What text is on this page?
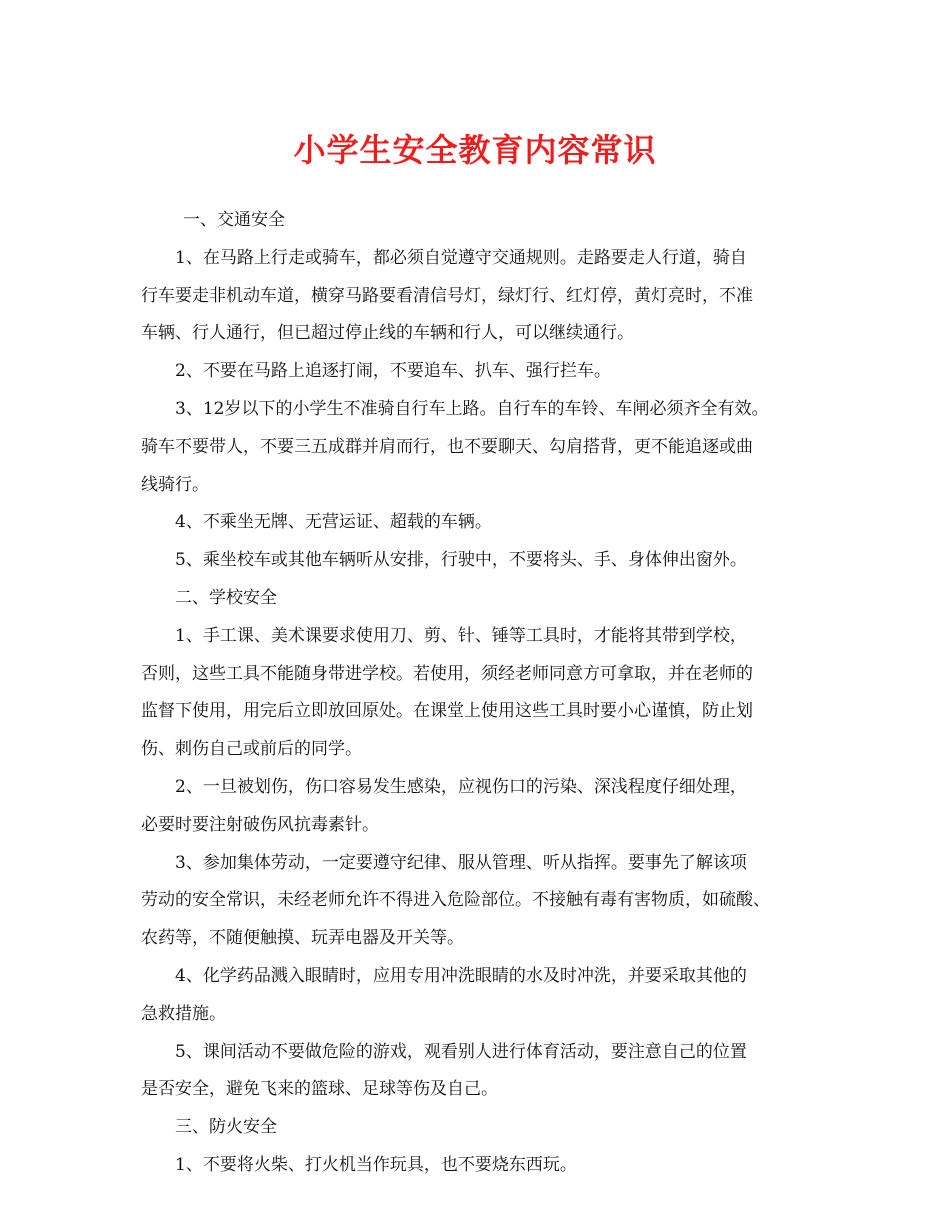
小学生安全教育内容常识
一、交通安全
1、在马路上行走或骑车，都必须自觉遵守交通规则。走路要走人行道，骑自
行车要走非机动车道，横穿马路要看清信号灯，绿灯行、红灯停，黄灯亮时，不准
车辆、行人通行，但已超过停止线的车辆和行人，可以继续通行。
2、不要在马路上追逐打闹，不要追车、扒车、强行拦车。
3、12岁以下的小学生不准骑自行车上路。自行车的车铃、车闸必须齐全有效。
骑车不要带人，不要三五成群并肩而行，也不要聊天、勾肩搭背，更不能追逐或曲
线骑行。
4、不乘坐无牌、无营运证、超载的车辆。
5、乘坐校车或其他车辆听从安排，行驶中，不要将头、手、身体伸出窗外。
二、学校安全
1、手工课、美术课要求使用刀、剪、针、锤等工具时，才能将其带到学校，
否则，这些工具不能随身带进学校。若使用，须经老师同意方可拿取，并在老师的
监督下使用，用完后立即放回原处。在课堂上使用这些工具时要小心谨慎，防止划
伤、刺伤自己或前后的同学。
2、一旦被划伤，伤口容易发生感染，应视伤口的污染、深浅程度仔细处理，
必要时要注射破伤风抗毒素针。
3、参加集体劳动，一定要遵守纪律、服从管理、听从指挥。要事先了解该项
劳动的安全常识，未经老师允许不得进入危险部位。不接触有毒有害物质，如硫酸、
农药等，不随便触摸、玩弄电器及开关等。
4、化学药品溅入眼睛时，应用专用冲洗眼睛的水及时冲洗，并要采取其他的
急救措施。
5、课间活动不要做危险的游戏，观看别人进行体育活动，要注意自己的位置
是否安全，避免飞来的篮球、足球等伤及自己。
三、防火安全
1、不要将火柴、打火机当作玩具，也不要烧东西玩。
